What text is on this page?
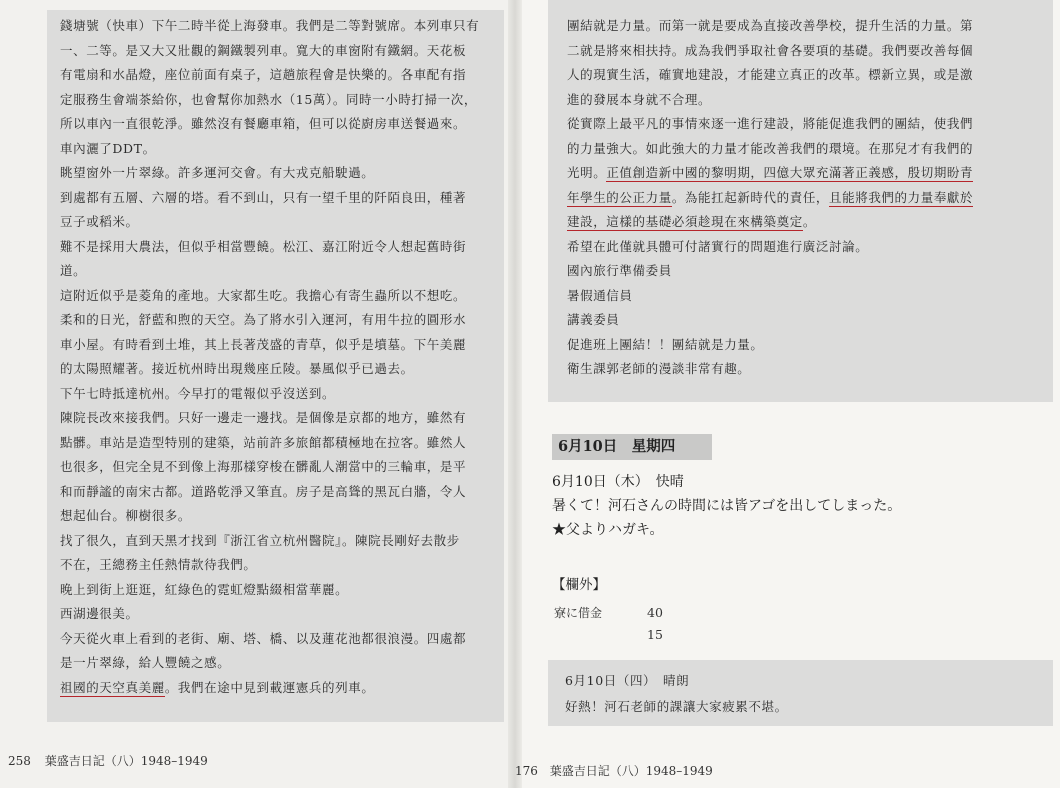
錢塘號（快車）下午二時半從上海發車。我們是二等對號席。本列車只有

一、二等。是又大又壯觀的鋼鐵製列車。寬大的車窗附有鐵網。天花板

有電扇和水晶燈，座位前面有桌子，這趟旅程會是快樂的。各車配有指

定服務生會端茶給你，也會幫你加熱水（15萬）。同時一小時打掃一次，

所以車內一直很乾淨。雖然沒有餐廳車箱，但可以從廚房車送餐過來。

車內灑了DDT。

眺望窗外一片翠綠。許多運河交會。有大戎克船駛過。

到處都有五層、六層的塔。看不到山，只有一望千里的阡陌良田，種著

豆子或稻米。

難不是採用大農法，但似乎相當豐饒。松江、嘉江附近令人想起舊時街

道。

這附近似乎是菱角的產地。大家都生吃。我擔心有寄生蟲所以不想吃。

柔和的日光，舒藍和煦的天空。為了將水引入運河，有用牛拉的圓形水

車小屋。有時看到土堆，其上長著茂盛的青草，似乎是墳墓。下午美麗

的太陽照耀著。接近杭州時出現幾座丘陵。暴風似乎已過去。

下午七時抵達杭州。今早打的電報似乎沒送到。

陳院長改來接我們。只好一邊走一邊找。是個像是京都的地方，雖然有

點髒。車站是造型特別的建築，站前許多旅館都積極地在拉客。雖然人

也很多，但完全見不到像上海那樣穿梭在髒亂人潮當中的三輪車，是平

和而靜謐的南宋古都。道路乾淨又筆直。房子是高聳的黑瓦白牆，令人

想起仙台。柳樹很多。

找了很久，直到天黑才找到『浙江省立杭州醫院』。陳院長剛好去散步

不在，王總務主任熱情款待我們。

晚上到街上逛逛，紅綠色的霓虹燈點綴相當華麗。

西湖邊很美。

今天從火車上看到的老街、廟、塔、橋、以及蓮花池都很浪漫。四處都

是一片翠綠，給人豐饒之感。

祖國的天空真美麗。我們在途中見到載運憲兵的列車。

團結就是力量。而第一就是要成為直接改善學校，提升生活的力量。第

二就是將來相扶持。成為我們爭取社會各要項的基礎。我們要改善每個

人的現實生活，確實地建設，才能建立真正的改革。標新立異，或是激

進的發展本身就不合理。

從實際上最平凡的事情來逐一進行建設，將能促進我們的團結，使我們

的力量強大。如此強大的力量才能改善我們的環境。在那兒才有我們的

光明。正值創造新中國的黎明期，四億大眾充滿著正義感，殷切期盼青

年學生的公正力量。為能扛起新時代的責任，且能將我們的力量奉獻於

建設，這樣的基礎必須趁現在來構築奠定。

希望在此僅就具體可付諸實行的問題進行廣泛討論。

國內旅行準備委員

暑假通信員

講義委員

促進班上團結！！團結就是力量。

衛生課郭老師的漫談非常有趣。

6月10日　星期四

6月10日（木）　快晴

暑くて！河石さんの時間には皆アゴを出してしまった。

★父よりハガキ。

【欄外】
寮に借金	40

15

6月10日（四）　晴朗

好熱！河石老師的課讓大家疲累不堪。

258 葉盛吉日記（八）1948–1949
176 葉盛吉日記（八）1948–1949
